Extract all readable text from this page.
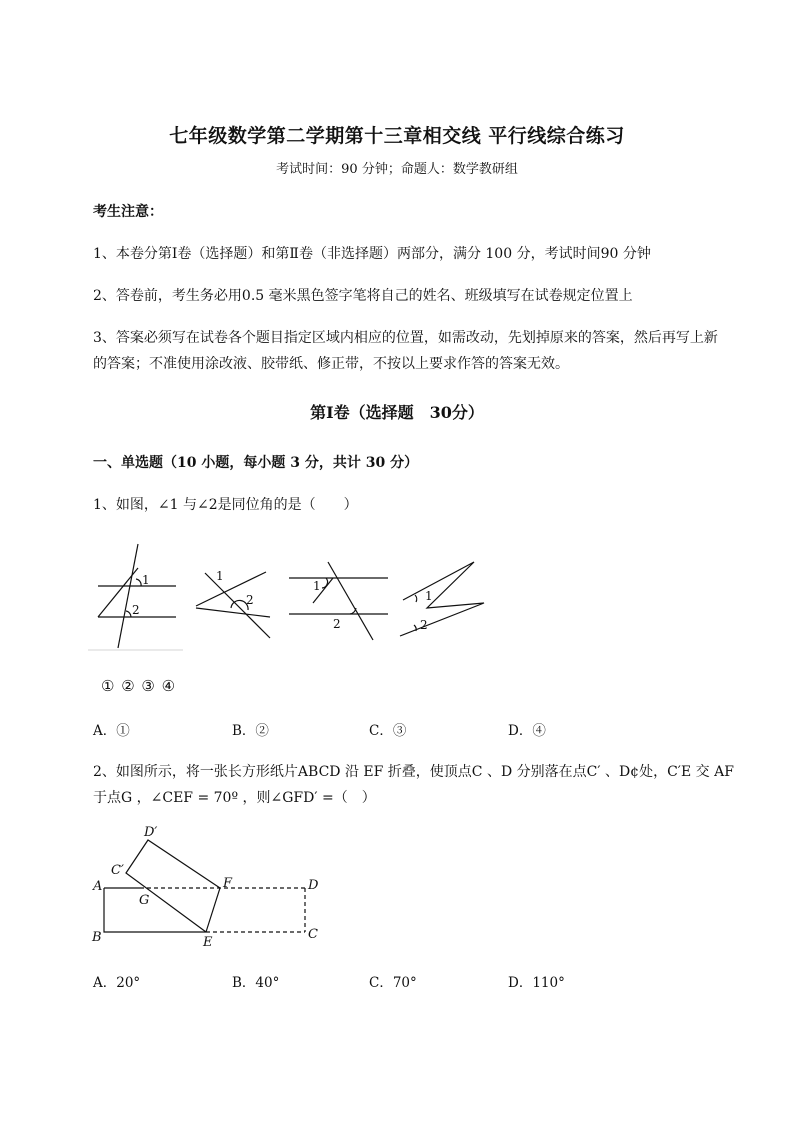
七年级数学第二学期第十三章相交线 平行线综合练习
考试时间：90 分钟；命题人：数学教研组
考生注意：
1、本卷分第Ⅰ卷（选择题）和第Ⅱ卷（非选择题）两部分，满分 100 分，考试时间90 分钟
2、答卷前，考生务必用0.5 毫米黑色签字笔将自己的姓名、班级填写在试卷规定位置上
3、答案必须写在试卷各个题目指定区域内相应的位置，如需改动，先划掉原来的答案，然后再写上新
的答案；不准使用涂改液、胶带纸、修正带，不按以上要求作答的答案无效。
第Ⅰ卷（选择题　30分）
一、单选题（10 小题，每小题 3 分，共计 30 分）
1、如图，∠1 与∠2是同位角的是（　　）
1
2
1
2
1
2
1
2
① ② ③ ④
A．①	B．②	C．③	D．④
2、如图所示，将一张长方形纸片ABCD 沿 EF 折叠，使顶点C 、D 分别落在点C′ 、D¢处，C′E 交 AF
于点G ，∠CEF = 70º ，则∠GFD′ =（　）
D′
C′
A
G
F	D
B	E
C
A．20°	B．40°	C．70°	D．110°
